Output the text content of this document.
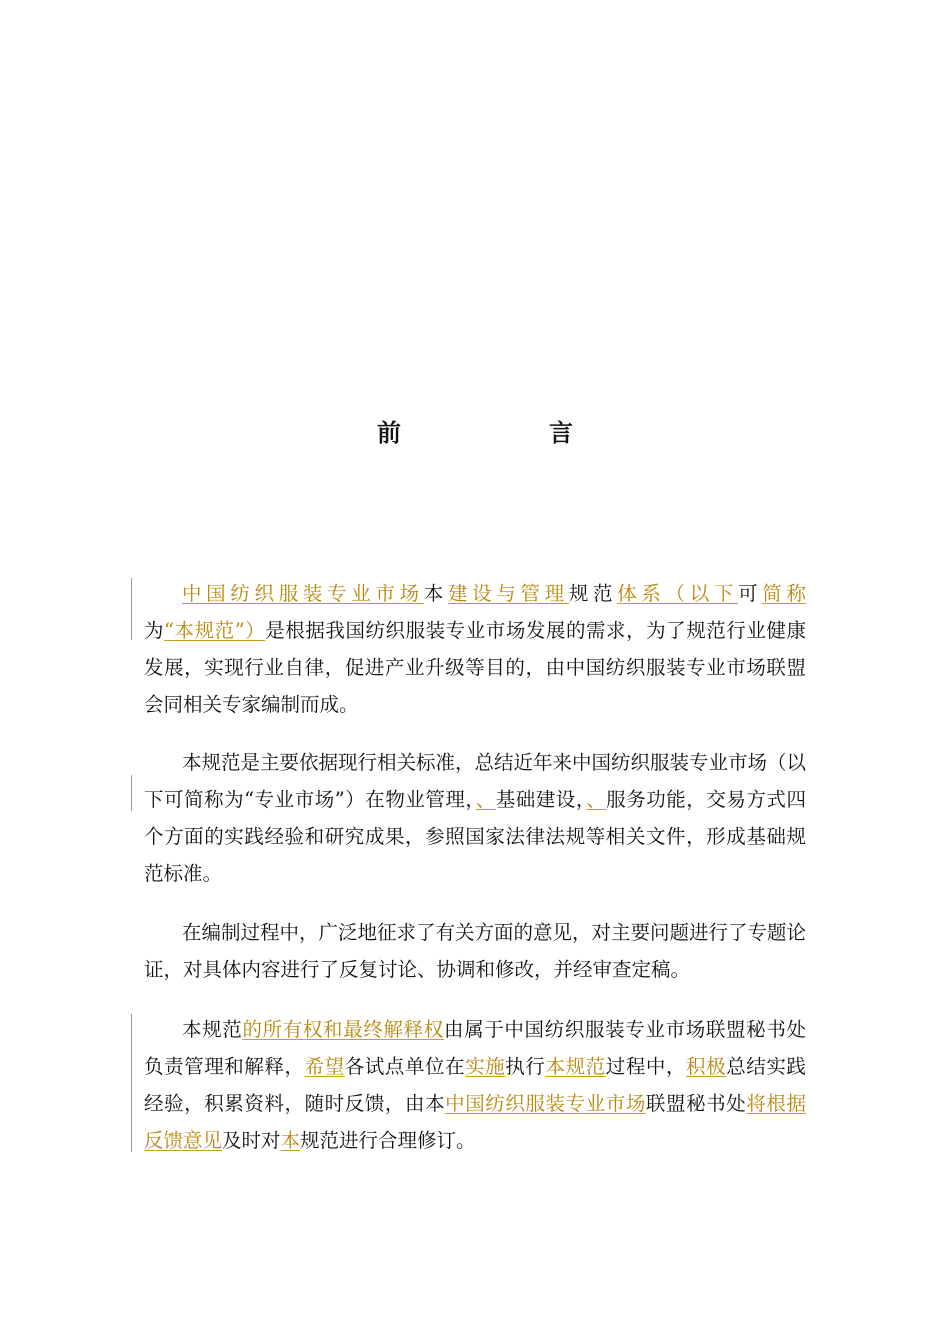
前　言
中国纺织服装专业市场本建设与管理规范体系（以下可简称为“本规范”）是根据我国纺织服装专业市场发展的需求，为了规范行业健康发展，实现行业自律，促进产业升级等目的，由中国纺织服装专业市场联盟会同相关专家编制而成。
本规范是主要依据现行相关标准，总结近年来中国纺织服装专业市场（以下可简称为“专业市场”）在物业管理，、基础建设，、服务功能，交易方式四个方面的实践经验和研究成果，参照国家法律法规等相关文件，形成基础规范标准。
在编制过程中，广泛地征求了有关方面的意见，对主要问题进行了专题论证，对具体内容进行了反复讨论、协调和修改，并经审查定稿。
本规范的所有权和最终解释权由属于中国纺织服装专业市场联盟秘书处负责管理和解释，希望各试点单位在实施执行本规范过程中，积极总结实践经验，积累资料，随时反馈，由本中国纺织服装专业市场联盟秘书处将根据反馈意见及时对本规范进行合理修订。
